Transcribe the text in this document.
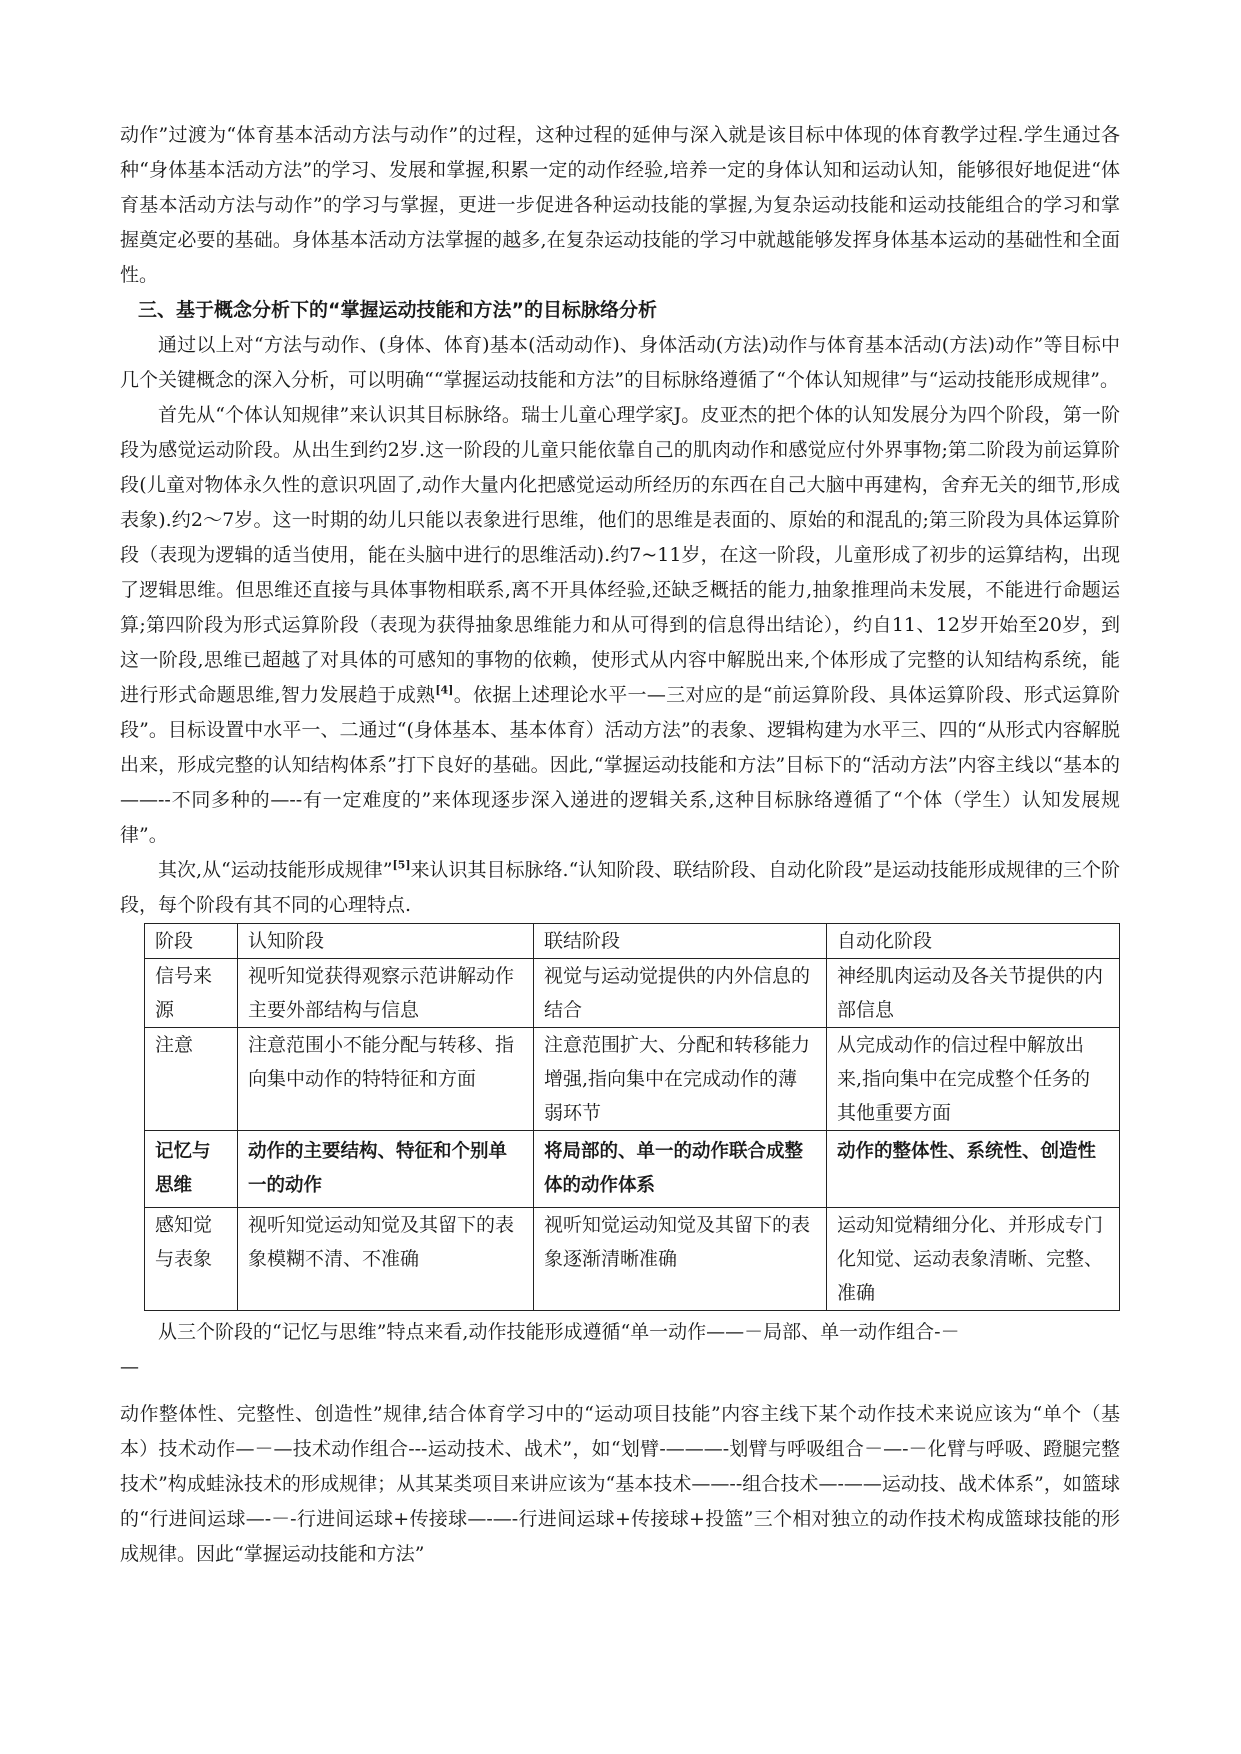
动作”过渡为“体育基本活动方法与动作”的过程，这种过程的延伸与深入就是该目标中体现的体育教学过程.学生通过各种“身体基本活动方法”的学习、发展和掌握,积累一定的动作经验,培养一定的身体认知和运动认知，能够很好地促进“体育基本活动方法与动作”的学习与掌握，更进一步促进各种运动技能的掌握,为复杂运动技能和运动技能组合的学习和掌握奠定必要的基础。身体基本活动方法掌握的越多,在复杂运动技能的学习中就越能够发挥身体基本运动的基础性和全面性。

三、基于概念分析下的“掌握运动技能和方法”的目标脉络分析

通过以上对“方法与动作、(身体、体育)基本(活动动作)、身体活动(方法)动作与体育基本活动(方法)动作”等目标中几个关键概念的深入分析，可以明确““掌握运动技能和方法”的目标脉络遵循了“个体认知规律”与“运动技能形成规律”。

首先从“个体认知规律”来认识其目标脉络。瑞士儿童心理学家J。皮亚杰的把个体的认知发展分为四个阶段，第一阶段为感觉运动阶段。从出生到约2岁.这一阶段的儿童只能依靠自己的肌肉动作和感觉应付外界事物;第二阶段为前运算阶段(儿童对物体永久性的意识巩固了,动作大量内化把感觉运动所经历的东西在自己大脑中再建构，舍弃无关的细节,形成表象).约2～7岁。这一时期的幼儿只能以表象进行思维，他们的思维是表面的、原始的和混乱的;第三阶段为具体运算阶段（表现为逻辑的适当使用，能在头脑中进行的思维活动).约7~11岁，在这一阶段，儿童形成了初步的运算结构，出现了逻辑思维。但思维还直接与具体事物相联系,离不开具体经验,还缺乏概括的能力,抽象推理尚未发展，不能进行命题运算;第四阶段为形式运算阶段（表现为获得抽象思维能力和从可得到的信息得出结论），约自11、12岁开始至20岁，到这一阶段,思维已超越了对具体的可感知的事物的依赖，使形式从内容中解脱出来,个体形成了完整的认知结构系统，能进行形式命题思维,智力发展趋于成熟[4]。依据上述理论水平一—三对应的是“前运算阶段、具体运算阶段、形式运算阶段”。目标设置中水平一、二通过“(身体基本、基本体育）活动方法”的表象、逻辑构建为水平三、四的“从形式内容解脱出来，形成完整的认知结构体系”打下良好的基础。因此,“掌握运动技能和方法”目标下的“活动方法”内容主线以“基本的——--不同多种的—--有一定难度的”来体现逐步深入递进的逻辑关系,这种目标脉络遵循了“个体（学生）认知发展规律”。

其次,从“运动技能形成规律”[5]来认识其目标脉络.“认知阶段、联结阶段、自动化阶段”是运动技能形成规律的三个阶段，每个阶段有其不同的心理特点.

阶段	认知阶段	联结阶段	自动化阶段
信号来源	视听知觉获得观察示范讲解动作主要外部结构与信息	视觉与运动觉提供的内外信息的结合	神经肌肉运动及各关节提供的内部信息
注意	注意范围小不能分配与转移、指向集中动作的特特征和方面	注意范围扩大、分配和转移能力增强,指向集中在完成动作的薄弱环节	从完成动作的信过程中解放出来,指向集中在完成整个任务的其他重要方面
记忆与思维	动作的主要结构、特征和个别单一的动作	将局部的、单一的动作联合成整体的动作体系	动作的整体性、系统性、创造性
感知觉与表象	视听知觉运动知觉及其留下的表象模糊不清、不准确	视听知觉运动知觉及其留下的表象逐渐清晰准确	运动知觉精细分化、并形成专门化知觉、运动表象清晰、完整、准确

从三个阶段的“记忆与思维”特点来看,动作技能形成遵循“单一动作——－局部、单一动作组合-－

—

动作整体性、完整性、创造性”规律,结合体育学习中的“运动项目技能”内容主线下某个动作技术来说应该为“单个（基本）技术动作—－—技术动作组合---运动技术、战术”，如“划臂-———-划臂与呼吸组合－—-－化臂与呼吸、蹬腿完整技术”构成蛙泳技术的形成规律；从其某类项目来讲应该为“基本技术——--组合技术—-——运动技、战术体系”，如篮球的“行进间运球—-－-行进间运球+传接球—-—-行进间运球+传接球+投篮”三个相对独立的动作技术构成篮球技能的形成规律。因此“掌握运动技能和方法”
